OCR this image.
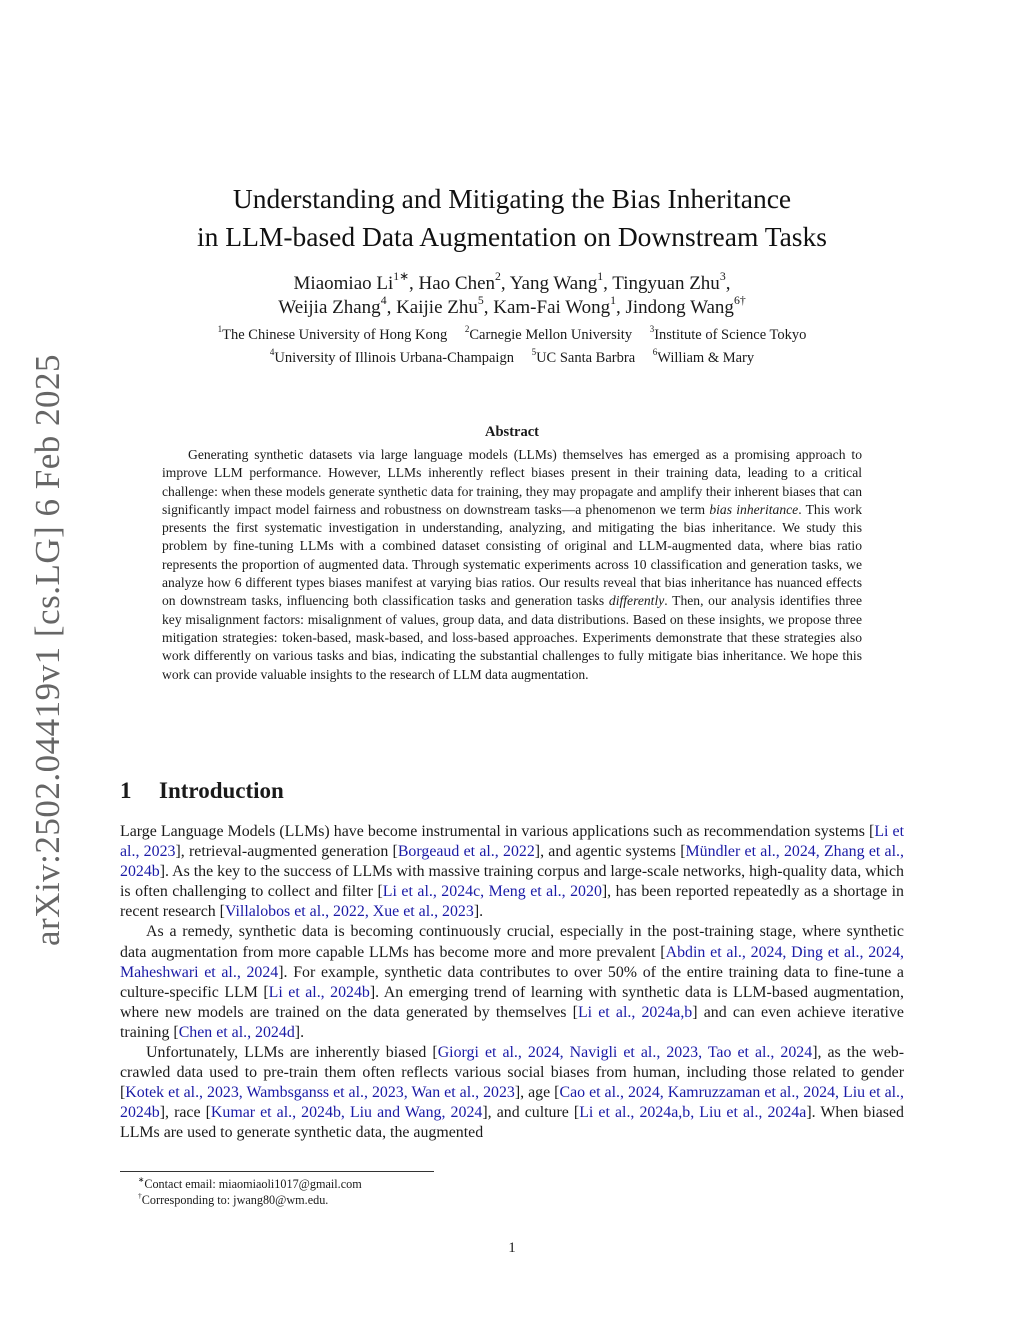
arXiv:2502.04419v1 [cs.LG] 6 Feb 2025
Understanding and Mitigating the Bias Inheritance
in LLM-based Data Augmentation on Downstream Tasks
Miaomiao $Li^{1∗}$, Hao Chen$^2$, Yang Wang$^1$, Tingyuan Zhu$^3$,
Weijia Zhang$^4$, Kaijie Zhu$^5$, Kam-Fai Wong$^1$, Jindong Wang$^{6\dagger}$
$^1$The Chinese University of Hong Kong $^2$Carnegie Mellon University $^3$Institute of Science Tokyo
$^4$University of Illinois Urbana-Champaign $^5$UC Santa Barbra $^6$William & Mary
Abstract

Generating synthetic datasets via large language models (LLMs) themselves has emerged as a promising approach to improve LLM performance. However, LLMs inherently reflect biases present in their training data, leading to a critical challenge: when these models generate synthetic data for training, they may propagate and amplify their inherent biases that can significantly impact model fairness and robustness on downstream tasks—a phenomenon we term bias inheritance. This work presents the first systematic investigation in understanding, analyzing, and mitigating the bias inheritance. We study this problem by fine-tuning LLMs with a combined dataset consisting of original and LLM-augmented data, where bias ratio represents the proportion of augmented data. Through systematic experiments across 10 classification and generation tasks, we analyze how 6 different types biases manifest at varying bias ratios. Our results reveal that bias inheritance has nuanced effects on downstream tasks, influencing both classification tasks and generation tasks differently. Then, our analysis identifies three key misalignment factors: misalignment of values, group data, and data distributions. Based on these insights, we propose three mitigation strategies: token-based, mask-based, and loss-based approaches. Experiments demonstrate that these strategies also work differently on various tasks and bias, indicating the substantial challenges to fully mitigate bias inheritance. We hope this work can provide valuable insights to the research of LLM data augmentation.

1 Introduction

Large Language Models (LLMs) have become instrumental in various applications such as recommendation systems [Li et al., 2023], retrieval-augmented generation [Borgeaud et al., 2022], and agentic systems [Mündler et al., 2024, Zhang et al., 2024b]. As the key to the success of LLMs with massive training corpus and large-scale networks, high-quality data, which is often challenging to collect and filter [Li et al., 2024c, Meng et al., 2020], has been reported repeatedly as a shortage in recent research [Villalobos et al., 2022, Xue et al., 2023].

As a remedy, synthetic data is becoming continuously crucial, especially in the post-training stage, where synthetic data augmentation from more capable LLMs has become more and more prevalent [Abdin et al., 2024, Ding et al., 2024, Maheshwari et al., 2024]. For example, synthetic data contributes to over 50% of the entire training data to fine-tune a culture-specific LLM [Li et al., 2024b]. An emerging trend of learning with synthetic data is LLM-based augmentation, where new models are trained on the data generated by themselves [Li et al., 2024a,b] and can even achieve iterative training [Chen et al., 2024d].

Unfortunately, LLMs are inherently biased [Giorgi et al., 2024, Navigli et al., 2023, Tao et al., 2024], as the web-crawled data used to pre-train them often reflects various social biases from human, including those related to gender [Kotek et al., 2023, Wambsganss et al., 2023, Wan et al., 2023], age [Cao et al., 2024, Kamruzzaman et al., 2024, Liu et al., 2024b], race [Kumar et al., 2024b, Liu and Wang, 2024], and culture [Li et al., 2024a,b, Liu et al., 2024a]. When biased LLMs are used to generate synthetic data, the augmented

∗Contact email: miaomiaoli1017@gmail.com
†Corresponding to: jwang80@wm.edu.
1
